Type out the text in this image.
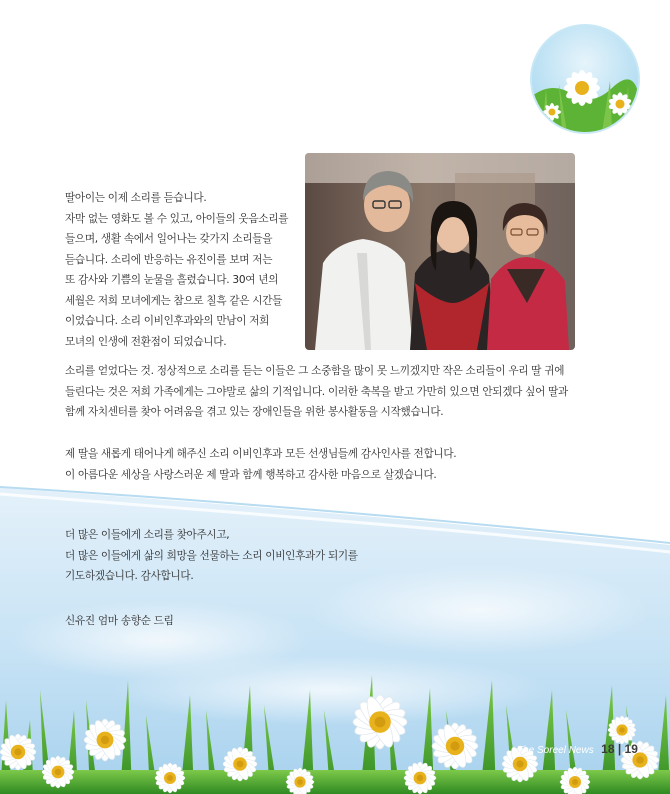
딸아이는 이제 소리를 듣습니다.

자막 없는 영화도 볼 수 있고, 아이들의 웃음소리를

들으며, 생활 속에서 일어나는 갖가지 소리들을

듣습니다. 소리에 반응하는 유진이를 보며 저는

또 감사와 기쁨의 눈물을 흘렸습니다. 30여 년의

세월은 저희 모녀에게는 참으로 칠흑 같은 시간들

이었습니다. 소리 이비인후과와의 만남이 저희

모녀의 인생에 전환점이 되었습니다.

소리를 얻었다는 것. 정상적으로 소리를 듣는 이들은 그 소중함을 많이 못 느끼겠지만 작은 소리들이 우리 딸 귀에

들린다는 것은 저희 가족에게는 그야말로 삶의 기적입니다. 이러한 축복을 받고 가만히 있으면 안되겠다 싶어 딸과

함께 자치센터를 찾아 어려움을 겪고 있는 장애인들을 위한 봉사활동을 시작했습니다.

제 딸을 새롭게 태어나게 해주신 소리 이비인후과 모든 선생님들께 감사인사를 전합니다.

이 아름다운 세상을 사랑스러운 제 딸과 함께 행복하고 감사한 마음으로 살겠습니다.

더 많은 이들에게 소리를 찾아주시고,

더 많은 이들에게 삶의 희망을 선물하는 소리 이비인후과가 되기를

기도하겠습니다. 감사합니다.

신유진 엄마 송향순 드림

The Soreel News 18 | 19
